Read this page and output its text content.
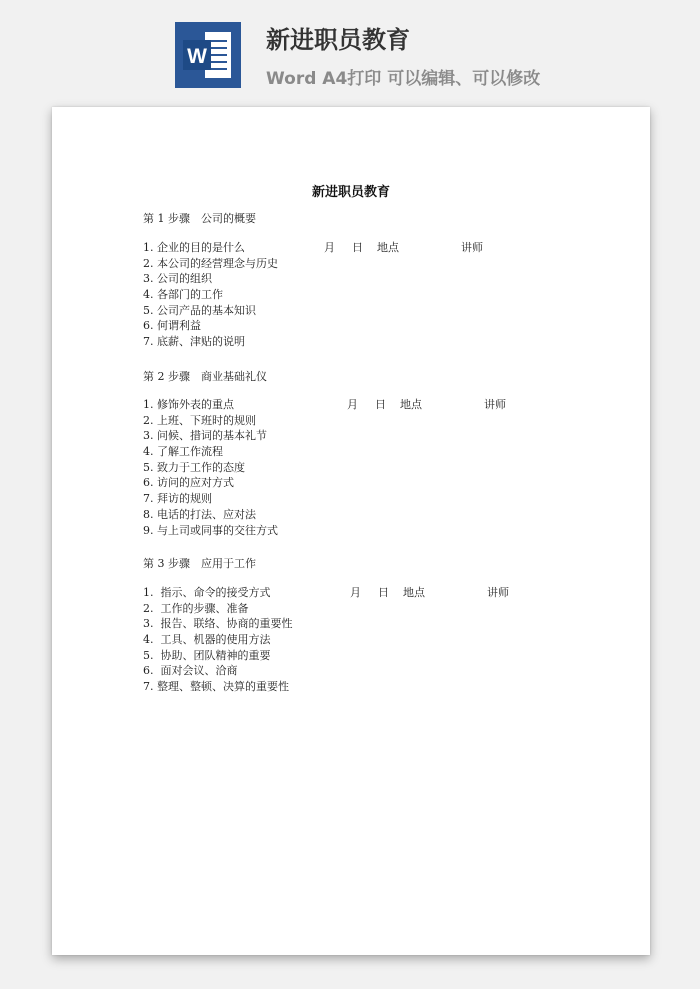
W
新进职员教育
Word A4打印 可以编辑、可以修改
新进职员教育
第 1 步骤　公司的概要

月 日 地点	讲师

1. 企业的目的是什么
2. 本公司的经营理念与历史
3. 公司的组织
4. 各部门的工作
5. 公司产品的基本知识
6. 何谓利益
7. 底薪、津贴的说明
第 2 步骤　商业基础礼仪

月 日 地点	讲师

1. 修饰外表的重点
2. 上班、下班时的规则
3. 问候、措词的基本礼节
4. 了解工作流程
5. 致力于工作的态度
6. 访问的应对方式
7. 拜访的规则
8. 电话的打法、应对法
9. 与上司或同事的交往方式
第 3 步骤　应用于工作

月 日 地点	讲师

1. 指示、命令的接受方式
2. 工作的步骤、准备
3. 报告、联络、协商的重要性
4. 工具、机器的使用方法
5. 协助、团队精神的重要
6. 面对会议、洽商
7. 整理、整顿、决算的重要性
